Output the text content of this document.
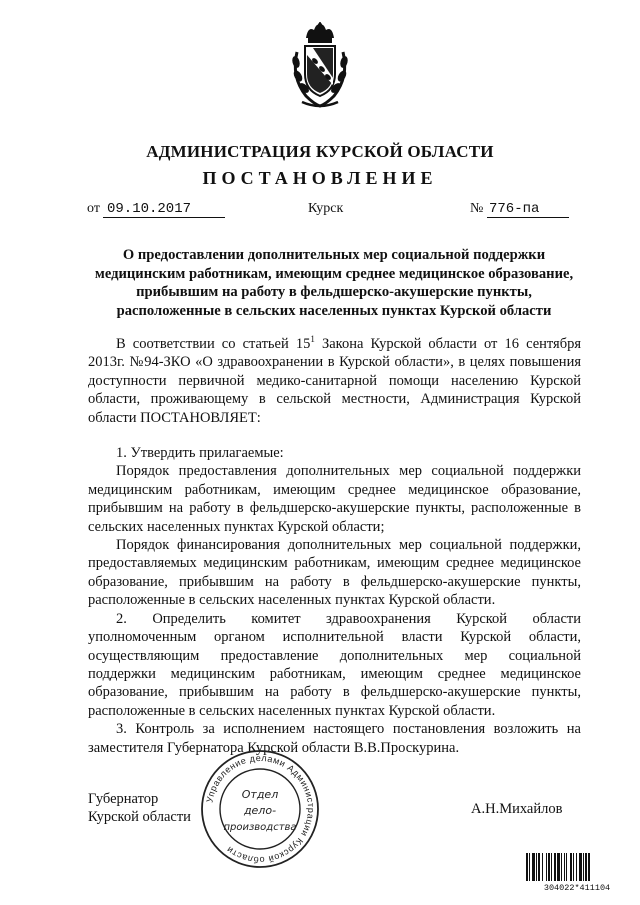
АДМИНИСТРАЦИЯ КУРСКОЙ ОБЛАСТИ
ПОСТАНОВЛЕНИЕ
от 09.10.2017	Курск	№ 776-па
О предоставлении дополнительных мер социальной поддержки медицинским работникам, имеющим среднее медицинское образование, прибывшим на работу в фельдшерско-акушерские пункты, расположенные в сельских населенных пунктах Курской области

В соответствии со статьей $15^1$ Закона Курской области от 16 сентября 2013г. №94-ЗКО «О здравоохранении в Курской области», в целях повышения доступности первичной медико-санитарной помощи населению Курской области, проживающему в сельской местности, Администрация Курской области ПОСТАНОВЛЯЕТ:

1. Утвердить прилагаемые:

Порядок предоставления дополнительных мер социальной поддержки медицинским работникам, имеющим среднее медицинское образование, прибывшим на работу в фельдшерско-акушерские пункты, расположенные в сельских населенных пунктах Курской области;

Порядок финансирования дополнительных мер социальной поддержки, предоставляемых медицинским работникам, имеющим среднее медицинское образование, прибывшим на работу в фельдшерско-акушерские пункты, расположенные в сельских населенных пунктах Курской области.

2. Определить комитет здравоохранения Курской области уполномоченным органом исполнительной власти Курской области, осуществляющим предоставление дополнительных мер социальной поддержки медицинским работникам, имеющим среднее медицинское образование, прибывшим на работу в фельдшерско-акушерские пункты, расположенные в сельских населенных пунктах Курской области.

3. Контроль за исполнением настоящего постановления возложить на заместителя Губернатора Курской области В.В.Проскурина.

Губернатор
Курской области
А.Н.Михайлов
Управление делами Администрации Курской области
Отдел
дело-
производства
304022*411104
